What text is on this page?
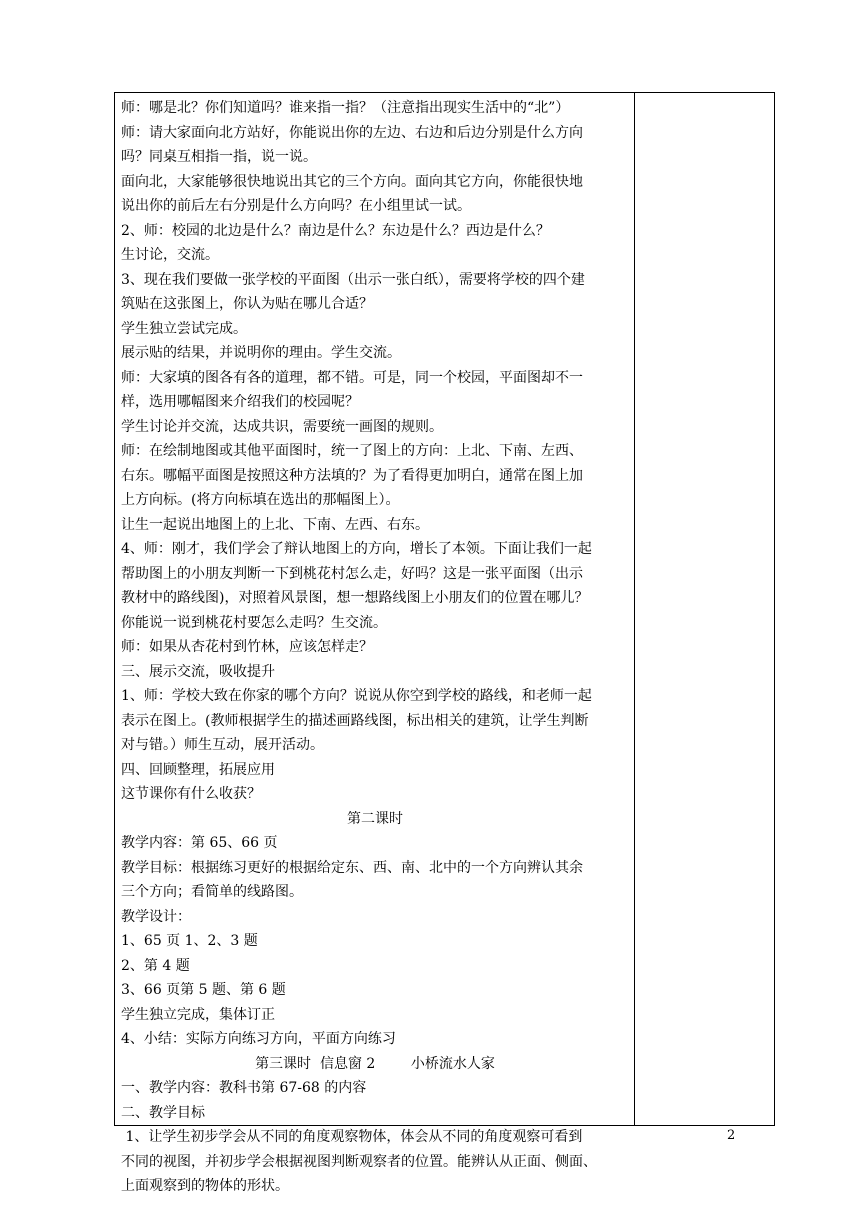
师：哪是北？你们知道吗？谁来指一指？（注意指出现实生活中的“北”）
师：请大家面向北方站好，你能说出你的左边、右边和后边分别是什么方向
吗？同桌互相指一指，说一说。
面向北，大家能够很快地说出其它的三个方向。面向其它方向，你能很快地
说出你的前后左右分别是什么方向吗？在小组里试一试。
2、师：校园的北边是什么？南边是什么？东边是什么？西边是什么？
生讨论，交流。
3、现在我们要做一张学校的平面图（出示一张白纸），需要将学校的四个建
筑贴在这张图上，你认为贴在哪儿合适？
学生独立尝试完成。
展示贴的结果，并说明你的理由。学生交流。
师：大家填的图各有各的道理，都不错。可是，同一个校园，平面图却不一
样，选用哪幅图来介绍我们的校园呢？
学生讨论并交流，达成共识，需要统一画图的规则。
师：在绘制地图或其他平面图时，统一了图上的方向：上北、下南、左西、
右东。哪幅平面图是按照这种方法填的？为了看得更加明白，通常在图上加
上方向标。(将方向标填在选出的那幅图上）。
让生一起说出地图上的上北、下南、左西、右东。
4、师：刚才，我们学会了辩认地图上的方向，增长了本领。下面让我们一起
帮助图上的小朋友判断一下到桃花村怎么走，好吗？这是一张平面图（出示
教材中的路线图)，对照着风景图，想一想路线图上小朋友们的位置在哪儿？
你能说一说到桃花村要怎么走吗？生交流。
师：如果从杏花村到竹林，应该怎样走？
三、展示交流，吸收提升
1、师：学校大致在你家的哪个方向？说说从你空到学校的路线，和老师一起
表示在图上。(教师根据学生的描述画路线图，标出相关的建筑，让学生判断
对与错。）师生互动，展开活动。
四、回顾整理，拓展应用
这节课你有什么收获？
第二课时
教学内容：第 65、66 页
教学目标：根据练习更好的根据给定东、西、南、北中的一个方向辨认其余
三个方向；看简单的线路图。
教学设计：
1、65 页 1、2、3 题
2、第 4 题
3、66 页第 5 题、第 6 题
学生独立完成，集体订正
4、小结：实际方向练习方向，平面方向练习
第三课时  信息窗 2        小桥流水人家
一、教学内容：教科书第 67-68 的内容
二、教学目标
1、让学生初步学会从不同的角度观察物体，体会从不同的角度观察可看到
不同的视图，并初步学会根据视图判断观察者的位置。能辨认从正面、侧面、
上面观察到的物体的形状。
2
